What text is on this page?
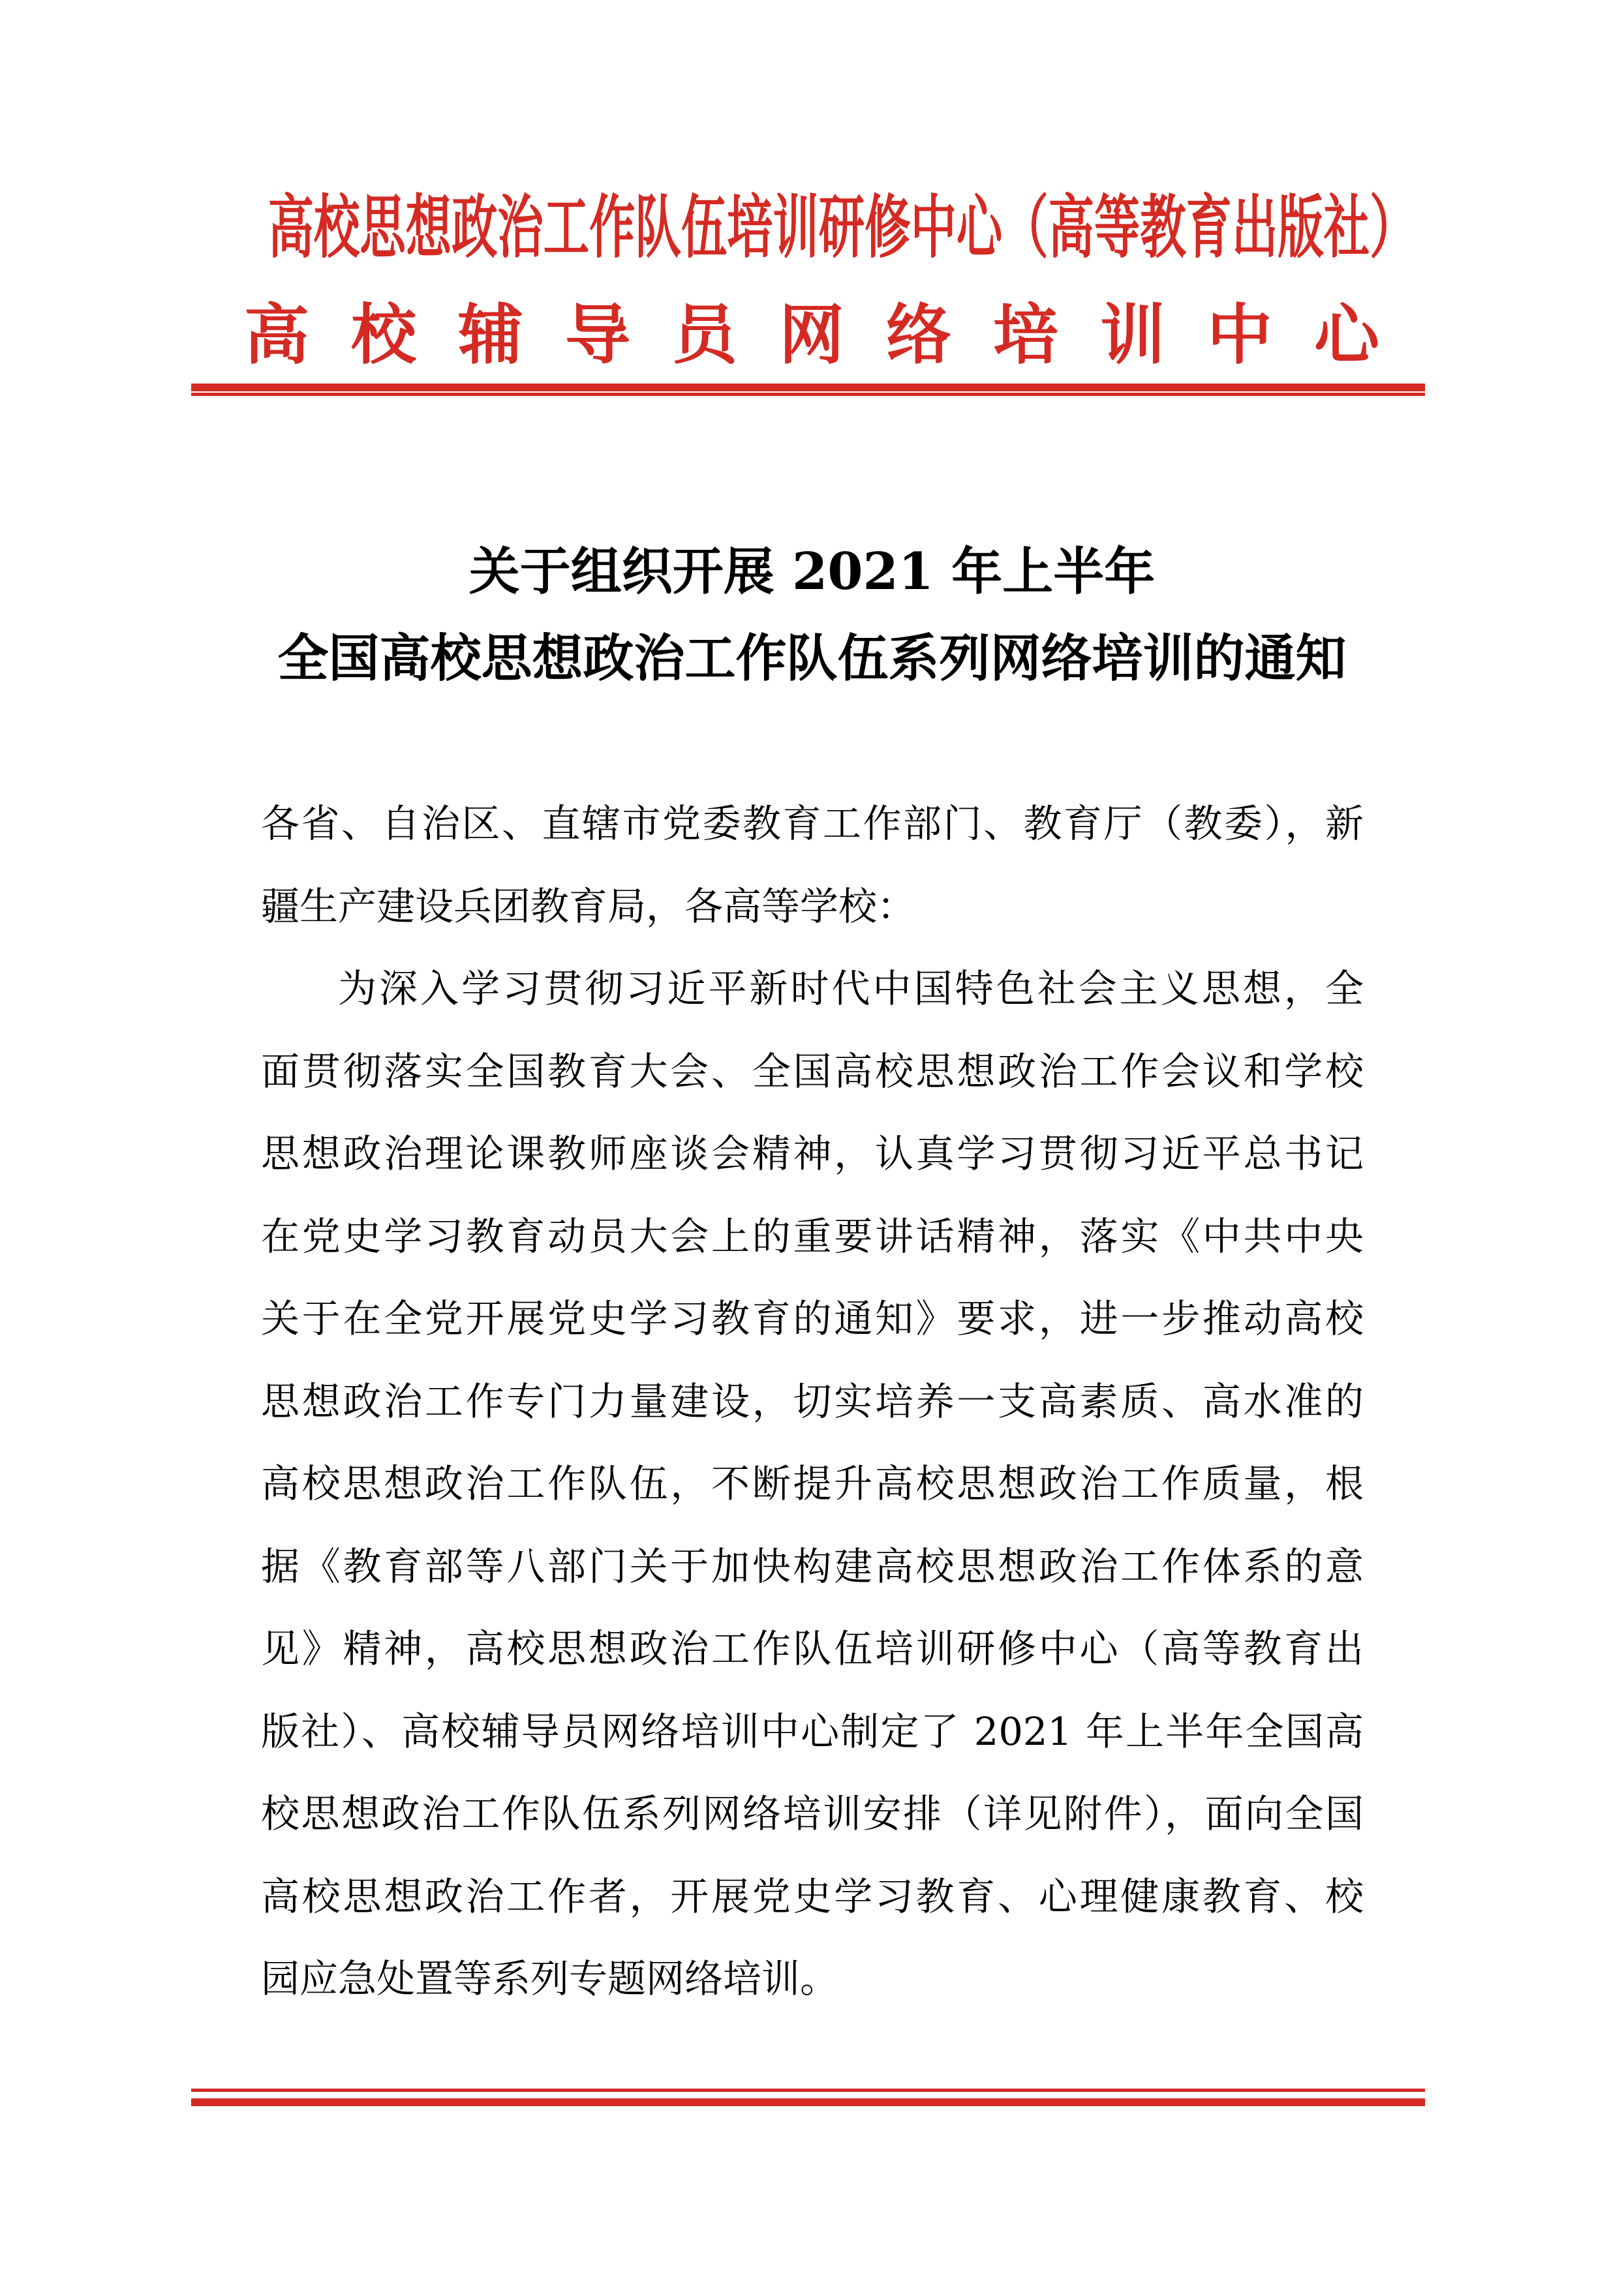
高校思想政治工作队伍培训研修中心（高等教育出版社）
高校辅导员网络培训中心
关于组织开展 2021 年上半年
全国高校思想政治工作队伍系列网络培训的通知
各省、自治区、直辖市党委教育工作部门、教育厅（教委），新
疆生产建设兵团教育局，各高等学校：
为深入学习贯彻习近平新时代中国特色社会主义思想，全
面贯彻落实全国教育大会、全国高校思想政治工作会议和学校
思想政治理论课教师座谈会精神，认真学习贯彻习近平总书记
在党史学习教育动员大会上的重要讲话精神，落实《中共中央
关于在全党开展党史学习教育的通知》要求，进一步推动高校
思想政治工作专门力量建设，切实培养一支高素质、高水准的
高校思想政治工作队伍，不断提升高校思想政治工作质量，根
据《教育部等八部门关于加快构建高校思想政治工作体系的意
见》精神，高校思想政治工作队伍培训研修中心（高等教育出
版社）、高校辅导员网络培训中心制定了 2021 年上半年全国高
校思想政治工作队伍系列网络培训安排（详见附件），面向全国
高校思想政治工作者，开展党史学习教育、心理健康教育、校
园应急处置等系列专题网络培训。
